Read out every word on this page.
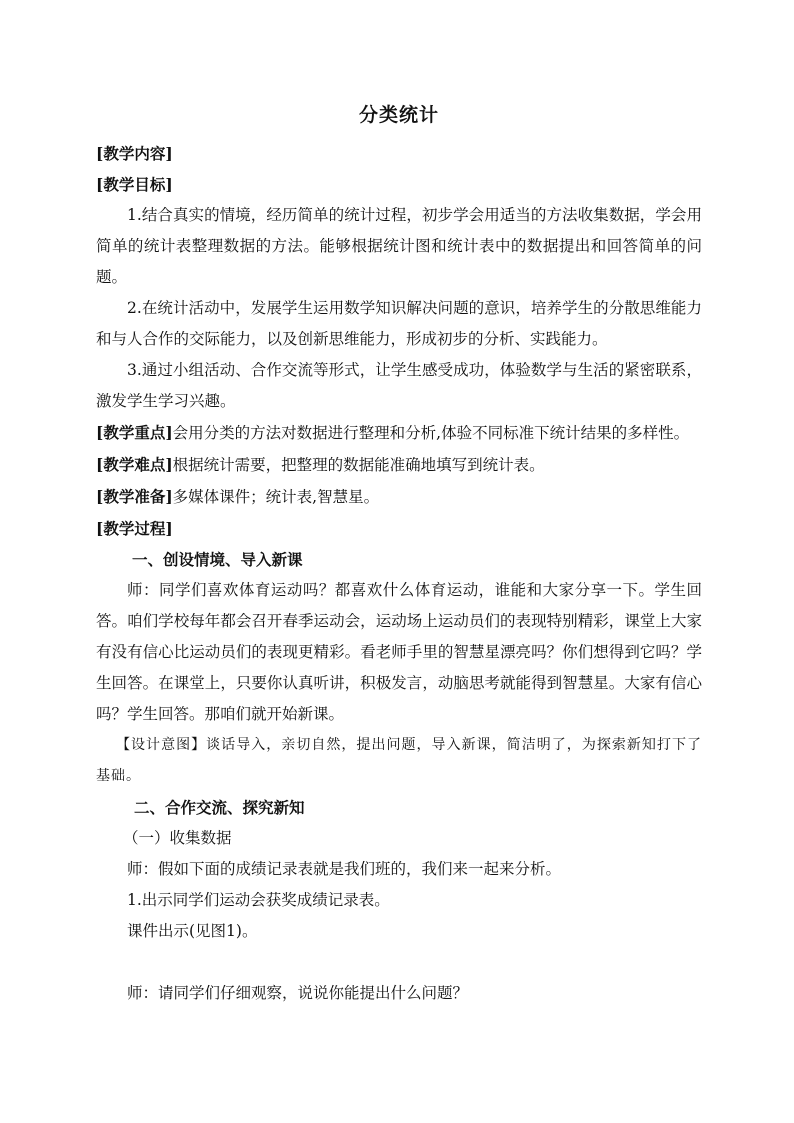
分类统计

[教学内容]

[教学目标]

1.结合真实的情境，经历简单的统计过程，初步学会用适当的方法收集数据，学会用简单的统计表整理数据的方法。能够根据统计图和统计表中的数据提出和回答简单的问题。

2.在统计活动中，发展学生运用数学知识解决问题的意识，培养学生的分散思维能力和与人合作的交际能力，以及创新思维能力，形成初步的分析、实践能力。

3.通过小组活动、合作交流等形式，让学生感受成功，体验数学与生活的紧密联系，激发学生学习兴趣。

[教学重点]会用分类的方法对数据进行整理和分析,体验不同标准下统计结果的多样性。

[教学难点]根据统计需要，把整理的数据能准确地填写到统计表。

[教学准备]多媒体课件；统计表,智慧星。

[教学过程]

一、创设情境、导入新课

师：同学们喜欢体育运动吗？都喜欢什么体育运动，谁能和大家分享一下。学生回答。咱们学校每年都会召开春季运动会，运动场上运动员们的表现特别精彩，课堂上大家有没有信心比运动员们的表现更精彩。看老师手里的智慧星漂亮吗？你们想得到它吗？学生回答。在课堂上，只要你认真听讲，积极发言，动脑思考就能得到智慧星。大家有信心吗？学生回答。那咱们就开始新课。

【设计意图】谈话导入，亲切自然，提出问题，导入新课，简洁明了，为探索新知打下了基础。

二、合作交流、探究新知

（一）收集数据

师：假如下面的成绩记录表就是我们班的，我们来一起来分析。

1.出示同学们运动会获奖成绩记录表。

课件出示(见图1)。

师：请同学们仔细观察，说说你能提出什么问题？
